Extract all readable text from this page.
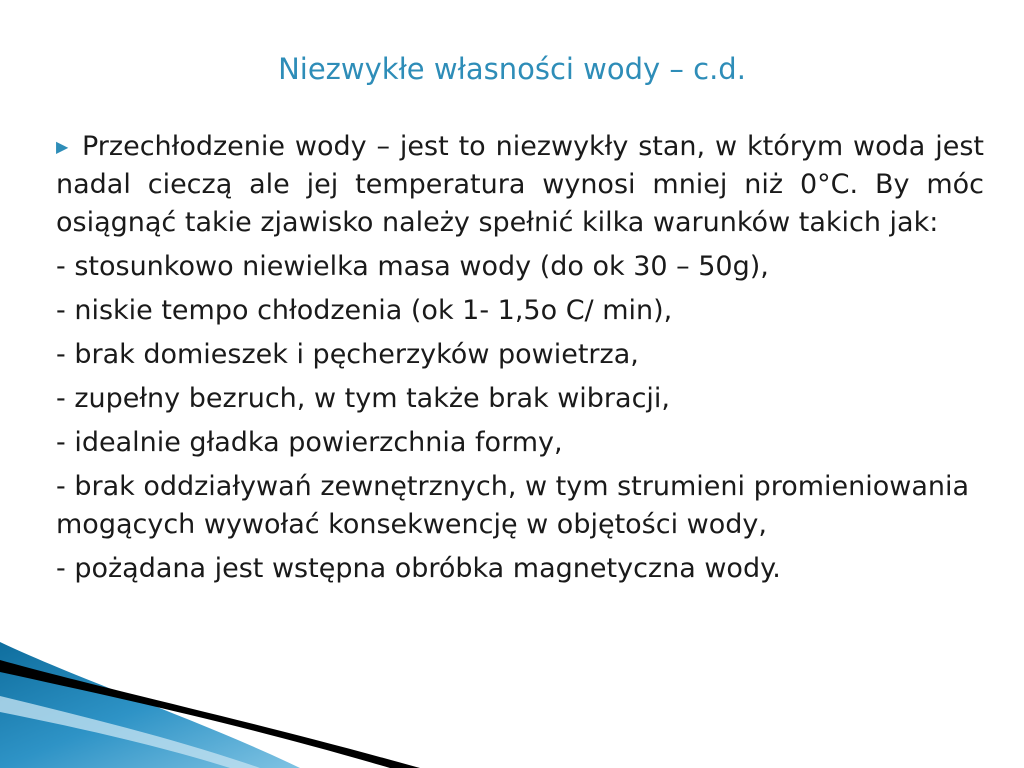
Niezwykłe własności wody – c.d.

▶ Przechłodzenie wody – jest to niezwykły stan, w którym woda jest nadal cieczą ale jej temperatura wynosi mniej niż 0°C. By móc osiągnąć takie zjawisko należy spełnić kilka warunków takich jak:

- stosunkowo niewielka masa wody (do ok 30 – 50g),

- niskie tempo chłodzenia (ok 1- 1,5o C/ min),

- brak domieszek i pęcherzyków powietrza,

- zupełny bezruch, w tym także brak wibracji,

- idealnie gładka powierzchnia formy,

- brak oddziaływań zewnętrznych, w tym strumieni promieniowania mogących wywołać konsekwencję w objętości wody,

- pożądana jest wstępna obróbka magnetyczna wody.
